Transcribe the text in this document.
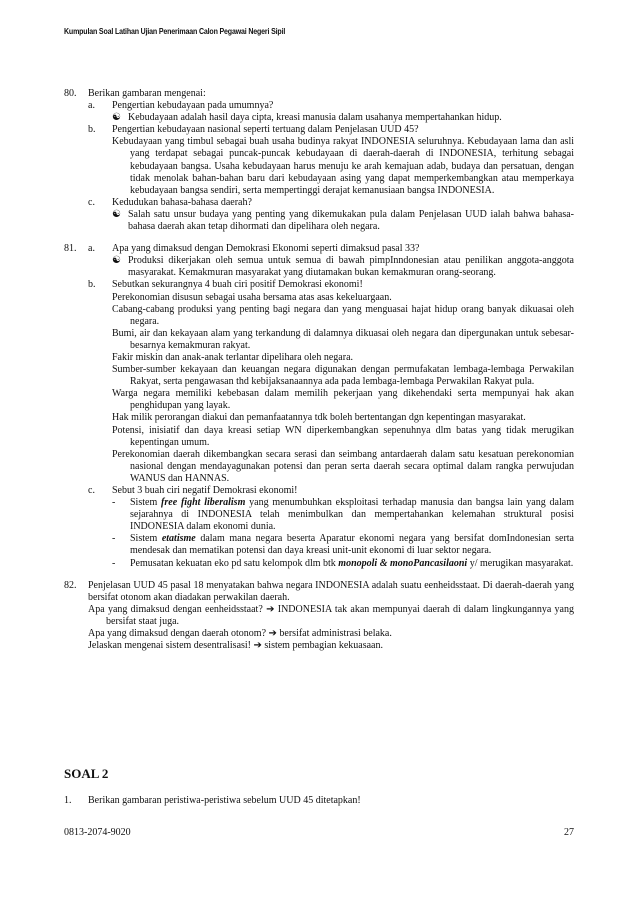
Kumpulan Soal Latihan Ujian Penerimaan Calon Pegawai Negeri Sipil
80. Berikan gambaran mengenai:
a. Pengertian kebudayaan pada umumnya?
☯ Kebudayaan adalah hasil daya cipta, kreasi manusia dalam usahanya mempertahankan hidup.
b. Pengertian kebudayaan nasional seperti tertuang dalam Penjelasan UUD 45?
Kebudayaan yang timbul sebagai buah usaha budinya rakyat INDONESIA seluruhnya. Kebudayaan lama dan asli yang terdapat sebagai puncak-puncak kebudayaan di daerah-daerah di INDONESIA, terhitung sebagai kebudayaan bangsa. Usaha kebudayaan harus menuju ke arah kemajuan adab, budaya dan persatuan, dengan tidak menolak bahan-bahan baru dari kebudayaan asing yang dapat memperkembangkan atau memperkaya kebudayaan bangsa sendiri, serta mempertinggi derajat kemanusiaan bangsa INDONESIA.
c. Kedudukan bahasa-bahasa daerah?
☯ Salah satu unsur budaya yang penting yang dikemukakan pula dalam Penjelasan UUD ialah bahwa bahasa-bahasa daerah akan tetap dihormati dan dipelihara oleh negara.
81. a. Apa yang dimaksud dengan Demokrasi Ekonomi seperti dimaksud pasal 33?
☯ Produksi dikerjakan oleh semua untuk semua di bawah pimpInndonesian atau penilikan anggota-anggota masyarakat. Kemakmuran masyarakat yang diutamakan bukan kemakmuran orang-seorang.
b. Sebutkan sekurangnya 4 buah ciri positif Demokrasi ekonomi!
Perekonomian disusun sebagai usaha bersama atas asas kekeluargaan.
Cabang-cabang produksi yang penting bagi negara dan yang menguasai hajat hidup orang banyak dikuasai oleh negara.
Bumi, air dan kekayaan alam yang terkandung di dalamnya dikuasai oleh negara dan dipergunakan untuk sebesar-besarnya kemakmuran rakyat.
Fakir miskin dan anak-anak terlantar dipelihara oleh negara.
Sumber-sumber kekayaan dan keuangan negara digunakan dengan permufakatan lembaga-lembaga Perwakilan Rakyat, serta pengawasan thd kebijaksanaannya ada pada lembaga-lembaga Perwakilan Rakyat pula.
Warga negara memiliki kebebasan dalam memilih pekerjaan yang dikehendaki serta mempunyai hak akan penghidupan yang layak.
Hak milik perorangan diakui dan pemanfaatannya tdk boleh bertentangan dgn kepentingan masyarakat.
Potensi, inisiatif dan daya kreasi setiap WN diperkembangkan sepenuhnya dlm batas yang tidak merugikan kepentingan umum.
Perekonomian daerah dikembangkan secara serasi dan seimbang antardaerah dalam satu kesatuan perekonomian nasional dengan mendayagunakan potensi dan peran serta daerah secara optimal dalam rangka perwujudan WANUS dan HANNAS.
c. Sebut 3 buah ciri negatif Demokrasi ekonomi!
- Sistem free fight liberalism yang menumbuhkan eksploitasi terhadap manusia dan bangsa lain yang dalam sejarahnya di INDONESIA telah menimbulkan dan mempertahankan kelemahan struktural posisi INDONESIA dalam ekonomi dunia.
- Sistem etatisme dalam mana negara beserta Aparatur ekonomi negara yang bersifat domIndonesian serta mendesak dan mematikan potensi dan daya kreasi unit-unit ekonomi di luar sektor negara.
- Pemusatan kekuatan eko pd satu kelompok dlm btk monopoli & monoPancasilaoni y/ merugikan masyarakat.
82. Penjelasan UUD 45 pasal 18 menyatakan bahwa negara INDONESIA adalah suatu eenheidsstaat. Di daerah-daerah yang bersifat otonom akan diadakan perwakilan daerah.
Apa yang dimaksud dengan eenheidsstaat? ➔ INDONESIA tak akan mempunyai daerah di dalam lingkungannya yang bersifat staat juga.
Apa yang dimaksud dengan daerah otonom? ➔ bersifat administrasi belaka.
Jelaskan mengenai sistem desentralisasi! ➔ sistem pembagian kekuasaan.
SOAL 2
1. Berikan gambaran peristiwa-peristiwa sebelum UUD 45 ditetapkan!
0813-2074-9020	27
